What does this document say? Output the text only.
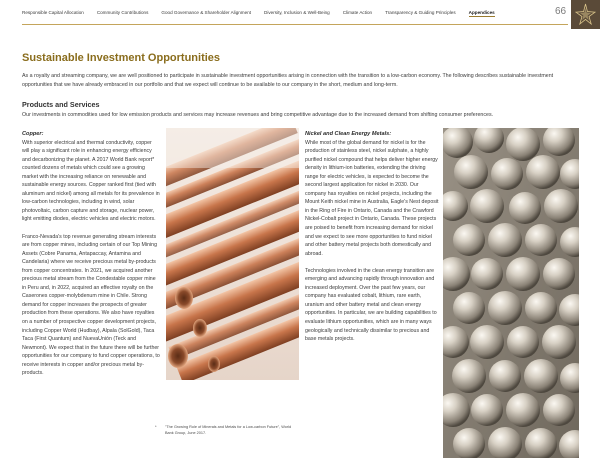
Responsible Capital Allocation	Community Contributions	Good Governance & Shareholder Alignment	Diversity, Inclusion & Well-Being	Climate Action	Transparency & Guiding Principles	Appendices	66
Sustainable Investment Opportunities
As a royalty and streaming company, we are well positioned to participate in sustainable investment opportunities arising in connection with the transition to a low-carbon economy. The following describes sustainable investment opportunities that we have already embraced in our portfolio and that we expect will continue to be available to our company in the short, medium and long-term.
Products and Services
Our investments in commodities used for low emission products and services may increase revenues and bring competitive advantage due to the increased demand from shifting consumer preferences.
Copper:

With superior electrical and thermal conductivity, copper will play a significant role in enhancing energy efficiency and decarbonizing the planet. A 2017 World Bank report* counted dozens of metals which could see a growing market with the increasing reliance on renewable and sustainable energy sources. Copper ranked first (tied with aluminum and nickel) among all metals for its prevalence in low-carbon technologies, including in wind, solar photovoltaic, carbon capture and storage, nuclear power, light emitting diodes, electric vehicles and electric motors.

Franco-Nevada's top revenue generating stream interests are from copper mines, including certain of our Top Mining Assets (Cobre Panama, Antapaccay, Antamina and Candelaria) where we receive precious metal by-products from copper concentrates. In 2021, we acquired another precious metal stream from the Condestable copper mine in Peru and, in 2022, acquired an effective royalty on the Caserones copper-molybdenum mine in Chile. Strong demand for copper increases the prospects of greater production from these operations. We also have royalties on a number of prospective copper development projects, including Copper World (Hudbay), Alpala (SolGold), Taca Taca (First Quantum) and NuevaUnión (Teck and Newmont). We expect that in the future there will be further opportunities for our company to fund copper operations, to receive interests in copper and/or precious metal by-products.

Nickel and Clean Energy Metals:

While most of the global demand for nickel is for the production of stainless steel, nickel sulphate, a highly purified nickel compound that helps deliver higher energy density in lithium-ion batteries, extending the driving range for electric vehicles, is expected to become the second largest application for nickel in 2030. Our company has royalties on nickel projects, including the Mount Keith nickel mine in Australia, Eagle's Nest deposit in the Ring of Fire in Ontario, Canada and the Crawford Nickel-Cobalt project in Ontario, Canada. These projects are poised to benefit from increasing demand for nickel and we expect to see more opportunities to fund nickel and other battery metal projects both domestically and abroad.

Technologies involved in the clean energy transition are emerging and advancing rapidly through innovation and increased deployment. Over the past few years, our company has evaluated cobalt, lithium, rare earth, uranium and other battery metal and clean energy opportunities. In particular, we are building capabilities to evaluate lithium opportunities, which are in many ways geologically and technically dissimilar to precious and base metals projects.

* "The Growing Role of Minerals and Metals for a Low-carbon Future", World Bank Group, June 2017.
